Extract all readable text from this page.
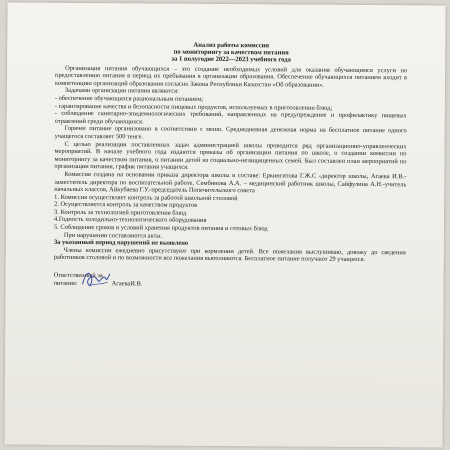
Анализ работы комиссии
по мониторингу за качеством питания
за 1 полугодие 2022—2023 учебного года

Организация питания обучающихся – это создание необходимых условий для оказания обучающимся услуги по предоставлению питания в период их пребывания в организации образования. Обеспечение обучающихся питанием входит в компетенцию организаций образования согласно Закона Республики Казахстан «Об образовании».

Задачами организации питания являются:

- обеспечение обучающихся рациональным питанием;

- гарантирование качества и безопасности пищевых продуктов, используемых в приготовлении блюд;

- соблюдение санитарно-эпидемиологических требований, направленных на предупреждение и профилактику пищевых отравлений среди обучающихся.

Горячее питание организовано в соответствии с меню. Среднедневная денежная норма на бесплатное питание одного учащегося составляет 500 тенге.

С целью реализации поставленных задач администрацией школы проводится ряд организационно-управленческих мероприятий. В начале учебного года издаются приказы об организации питания по школе, о создании комиссии по мониторингу за качеством питания, о питании детей из социально-незащищенных семей. Был составлен план мероприятий по организации питания, график питания учащихся.

Комиссия создана на основании приказа директора школы в составе: Еркингитова Г.Ж.С -директор школы, Агаева И.В.-заместитель директора по воспитательной работе, Сембинова А.А. – медицинский работник школы, Сайфулина А.Н.-учитель начальных классов, Айкубаева Г.У.-председатель Попечительского совета

1. Комиссия осуществляет контроль за работой школьной столовой
2. Осуществляется контроль за качеством продуктов
3. Контроль за технологией приготовления блюд
4.Годность холодильно-технологического оборудования
5. Соблюдение сроков и условий хранения продуктов питания и готовых блюд

При нарушении составляются акты.

За указанный период нарушений не выявлено

Члены комиссии ежедневно присутствуют при кормлении детей. Все пожелания выслушиваю, довожу до сведения работников столовой и по возможности все пожелания выполняются. Бесплатное питание получают 29 учащихся.

Ответственный за
питание:	АгаеваИ.В.
